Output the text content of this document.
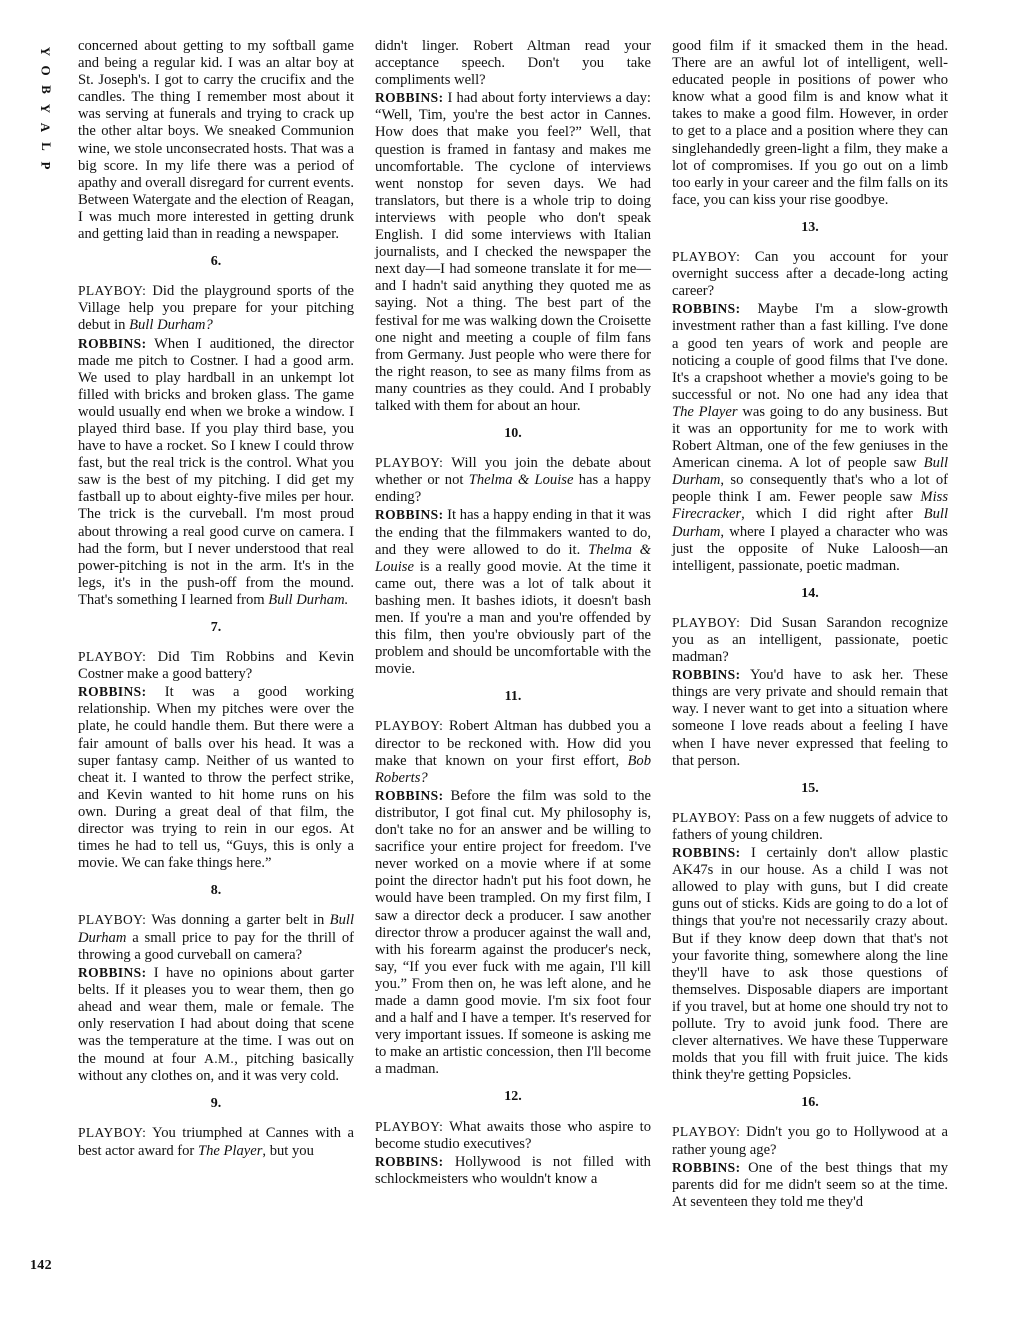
Y
O
B
Y
A
L
P
142

concerned about getting to my softball game and being a regular kid. I was an altar boy at St. Joseph's. I got to carry the crucifix and the candles. The thing I remember most about it was serving at funerals and trying to crack up the other altar boys. We sneaked Communion wine, we stole unconsecrated hosts. That was a big score. In my life there was a period of apathy and overall disregard for current events. Between Watergate and the election of Reagan, I was much more interested in getting drunk and getting laid than in reading a newspaper.

6.

PLAYBOY: Did the playground sports of the Village help you prepare for your pitching debut in Bull Durham?

ROBBINS: When I auditioned, the director made me pitch to Costner. I had a good arm. We used to play hardball in an unkempt lot filled with bricks and broken glass. The game would usually end when we broke a window. I played third base. If you play third base, you have to have a rocket. So I knew I could throw fast, but the real trick is the control. What you saw is the best of my pitching. I did get my fastball up to about eighty-five miles per hour. The trick is the curveball. I'm most proud about throwing a real good curve on camera. I had the form, but I never understood that real power-pitching is not in the arm. It's in the legs, it's in the push-off from the mound. That's something I learned from Bull Durham.

7.

PLAYBOY: Did Tim Robbins and Kevin Costner make a good battery?

ROBBINS: It was a good working relationship. When my pitches were over the plate, he could handle them. But there were a fair amount of balls over his head. It was a super fantasy camp. Neither of us wanted to cheat it. I wanted to throw the perfect strike, and Kevin wanted to hit home runs on his own. During a great deal of that film, the director was trying to rein in our egos. At times he had to tell us, “Guys, this is only a movie. We can fake things here.”

8.

PLAYBOY: Was donning a garter belt in Bull Durham a small price to pay for the thrill of throwing a good curveball on camera?

ROBBINS: I have no opinions about garter belts. If it pleases you to wear them, then go ahead and wear them, male or female. The only reservation I had about doing that scene was the temperature at the time. I was out on the mound at four A.M., pitching basically without any clothes on, and it was very cold.

9.

PLAYBOY: You triumphed at Cannes with a best actor award for The Player, but you

didn't linger. Robert Altman read your acceptance speech. Don't you take compliments well?

ROBBINS: I had about forty interviews a day: “Well, Tim, you're the best actor in Cannes. How does that make you feel?” Well, that question is framed in fantasy and makes me uncomfortable. The cyclone of interviews went nonstop for seven days. We had translators, but there is a whole trip to doing interviews with people who don't speak English. I did some interviews with Italian journalists, and I checked the newspaper the next day—I had someone translate it for me—and I hadn't said anything they quoted me as saying. Not a thing. The best part of the festival for me was walking down the Croisette one night and meeting a couple of film fans from Germany. Just people who were there for the right reason, to see as many films from as many countries as they could. And I probably talked with them for about an hour.

10.

PLAYBOY: Will you join the debate about whether or not Thelma & Louise has a happy ending?

ROBBINS: It has a happy ending in that it was the ending that the filmmakers wanted to do, and they were allowed to do it. Thelma & Louise is a really good movie. At the time it came out, there was a lot of talk about it bashing men. It bashes idiots, it doesn't bash men. If you're a man and you're offended by this film, then you're obviously part of the problem and should be uncomfortable with the movie.

11.

PLAYBOY: Robert Altman has dubbed you a director to be reckoned with. How did you make that known on your first effort, Bob Roberts?

ROBBINS: Before the film was sold to the distributor, I got final cut. My philosophy is, don't take no for an answer and be willing to sacrifice your entire project for freedom. I've never worked on a movie where if at some point the director hadn't put his foot down, he would have been trampled. On my first film, I saw a director deck a producer. I saw another director throw a producer against the wall and, with his forearm against the producer's neck, say, “If you ever fuck with me again, I'll kill you.” From then on, he was left alone, and he made a damn good movie. I'm six foot four and a half and I have a temper. It's reserved for very important issues. If someone is asking me to make an artistic concession, then I'll become a madman.

12.

PLAYBOY: What awaits those who aspire to become studio executives?

ROBBINS: Hollywood is not filled with schlockmeisters who wouldn't know a

good film if it smacked them in the head. There are an awful lot of intelligent, well-educated people in positions of power who know what a good film is and know what it takes to make a good film. However, in order to get to a place and a position where they can singlehandedly green-light a film, they make a lot of compromises. If you go out on a limb too early in your career and the film falls on its face, you can kiss your rise goodbye.

13.

PLAYBOY: Can you account for your overnight success after a decade-long acting career?

ROBBINS: Maybe I'm a slow-growth investment rather than a fast killing. I've done a good ten years of work and people are noticing a couple of good films that I've done. It's a crapshoot whether a movie's going to be successful or not. No one had any idea that The Player was going to do any business. But it was an opportunity for me to work with Robert Altman, one of the few geniuses in the American cinema. A lot of people saw Bull Durham, so consequently that's who a lot of people think I am. Fewer people saw Miss Firecracker, which I did right after Bull Durham, where I played a character who was just the opposite of Nuke Laloosh—an intelligent, passionate, poetic madman.

14.

PLAYBOY: Did Susan Sarandon recognize you as an intelligent, passionate, poetic madman?

ROBBINS: You'd have to ask her. These things are very private and should remain that way. I never want to get into a situation where someone I love reads about a feeling I have when I have never expressed that feeling to that person.

15.

PLAYBOY: Pass on a few nuggets of advice to fathers of young children.

ROBBINS: I certainly don't allow plastic AK47s in our house. As a child I was not allowed to play with guns, but I did create guns out of sticks. Kids are going to do a lot of things that you're not necessarily crazy about. But if they know deep down that that's not your favorite thing, somewhere along the line they'll have to ask those questions of themselves. Disposable diapers are important if you travel, but at home one should try not to pollute. Try to avoid junk food. There are clever alternatives. We have these Tupperware molds that you fill with fruit juice. The kids think they're getting Popsicles.

16.

PLAYBOY: Didn't you go to Hollywood at a rather young age?

ROBBINS: One of the best things that my parents did for me didn't seem so at the time. At seventeen they told me they'd
